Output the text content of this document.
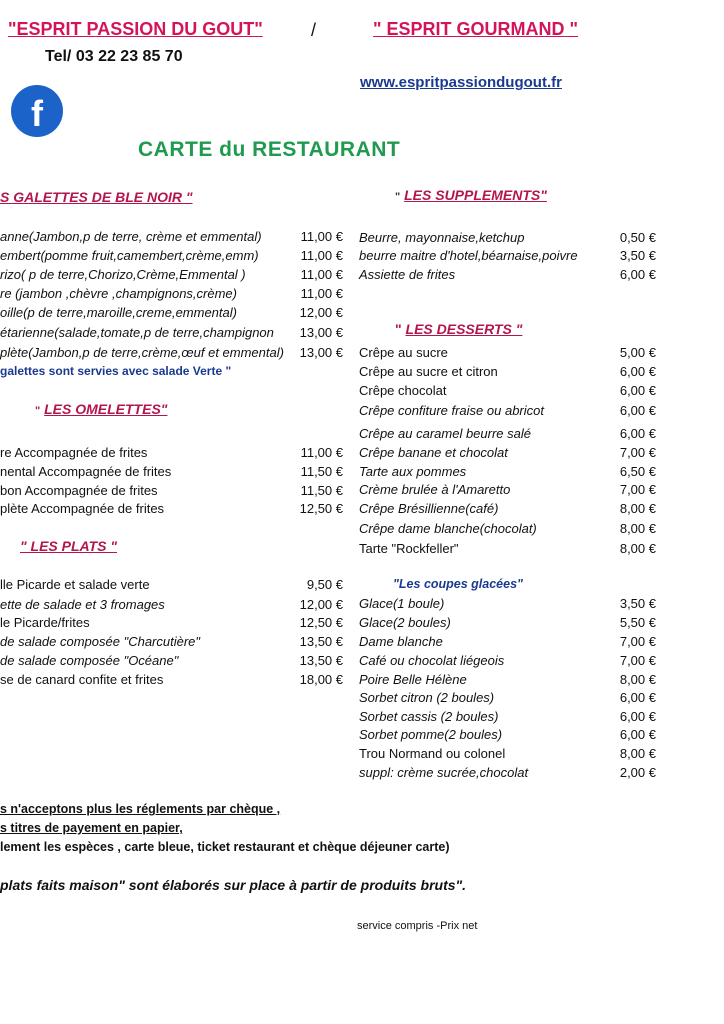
"ESPRIT PASSION DU GOUT"	/	" ESPRIT GOURMAND "
Tel/ 03 22 23 85 70
www.espritpassiondugout.fr
f
CARTE du RESTAURANT
S GALETTES DE BLE NOIR "
anne(Jambon,p de terre, crème et emmental)	11,00 €
embert(pomme fruit,camembert,crème,emm)	11,00 €
rizo( p de terre,Chorizo,Crème,Emmental )	11,00 €
re (jambon ,chèvre ,champignons,crème)	11,00 €
oille(p de terre,maroille,creme,emmental)	12,00 €
étarienne(salade,tomate,p de terre,champignon	13,00 €
plète(Jambon,p de terre,crème,œuf et emmental)	13,00 €
galettes sont servies avec salade Verte "
" LES OMELETTES"
re Accompagnée de frites	11,00 €
nental Accompagnée de frites	11,50 €
bon Accompagnée de frites	11,50 €
plète Accompagnée de frites	12,50 €
" LES PLATS "
lle Picarde et salade verte	9,50 €
ette de salade et 3 fromages	12,00 €
le Picarde/frites	12,50 €
de salade composée "Charcutière"	13,50 €
de salade composée "Océane"	13,50 €
se de canard confite et frites	18,00 €
" LES SUPPLEMENTS"
Beurre, mayonnaise,ketchup	0,50 €
beurre maitre d'hotel,béarnaise,poivre	3,50 €
Assiette de frites	6,00 €
" LES DESSERTS "
Crêpe au sucre	5,00 €
Crêpe au sucre et citron	6,00 €
Crêpe chocolat	6,00 €
Crêpe confiture fraise ou abricot	6,00 €
Crêpe au caramel beurre salé	6,00 €
Crêpe banane et chocolat	7,00 €
Tarte aux pommes	6,50 €
Crème brulée à l'Amaretto	7,00 €
Crêpe Brésillienne(café)	8,00 €
Crêpe dame blanche(chocolat)	8,00 €
Tarte "Rockfeller"	8,00 €
"Les coupes glacées"
Glace(1 boule)	3,50 €
Glace(2 boules)	5,50 €
Dame blanche	7,00 €
Café ou chocolat liégeois	7,00 €
Poire Belle Hélène	8,00 €
Sorbet citron (2 boules)	6,00 €
Sorbet cassis (2 boules)	6,00 €
Sorbet pomme(2 boules)	6,00 €
Trou Normand ou colonel	8,00 €
suppl: crème sucrée,chocolat	2,00 €
s n'acceptons plus les réglements par chèque ,
s titres de payement en papier,
lement les espèces , carte bleue, ticket restaurant et chèque déjeuner carte)
plats faits maison" sont élaborés sur place à partir de produits bruts".
service compris -Prix net
